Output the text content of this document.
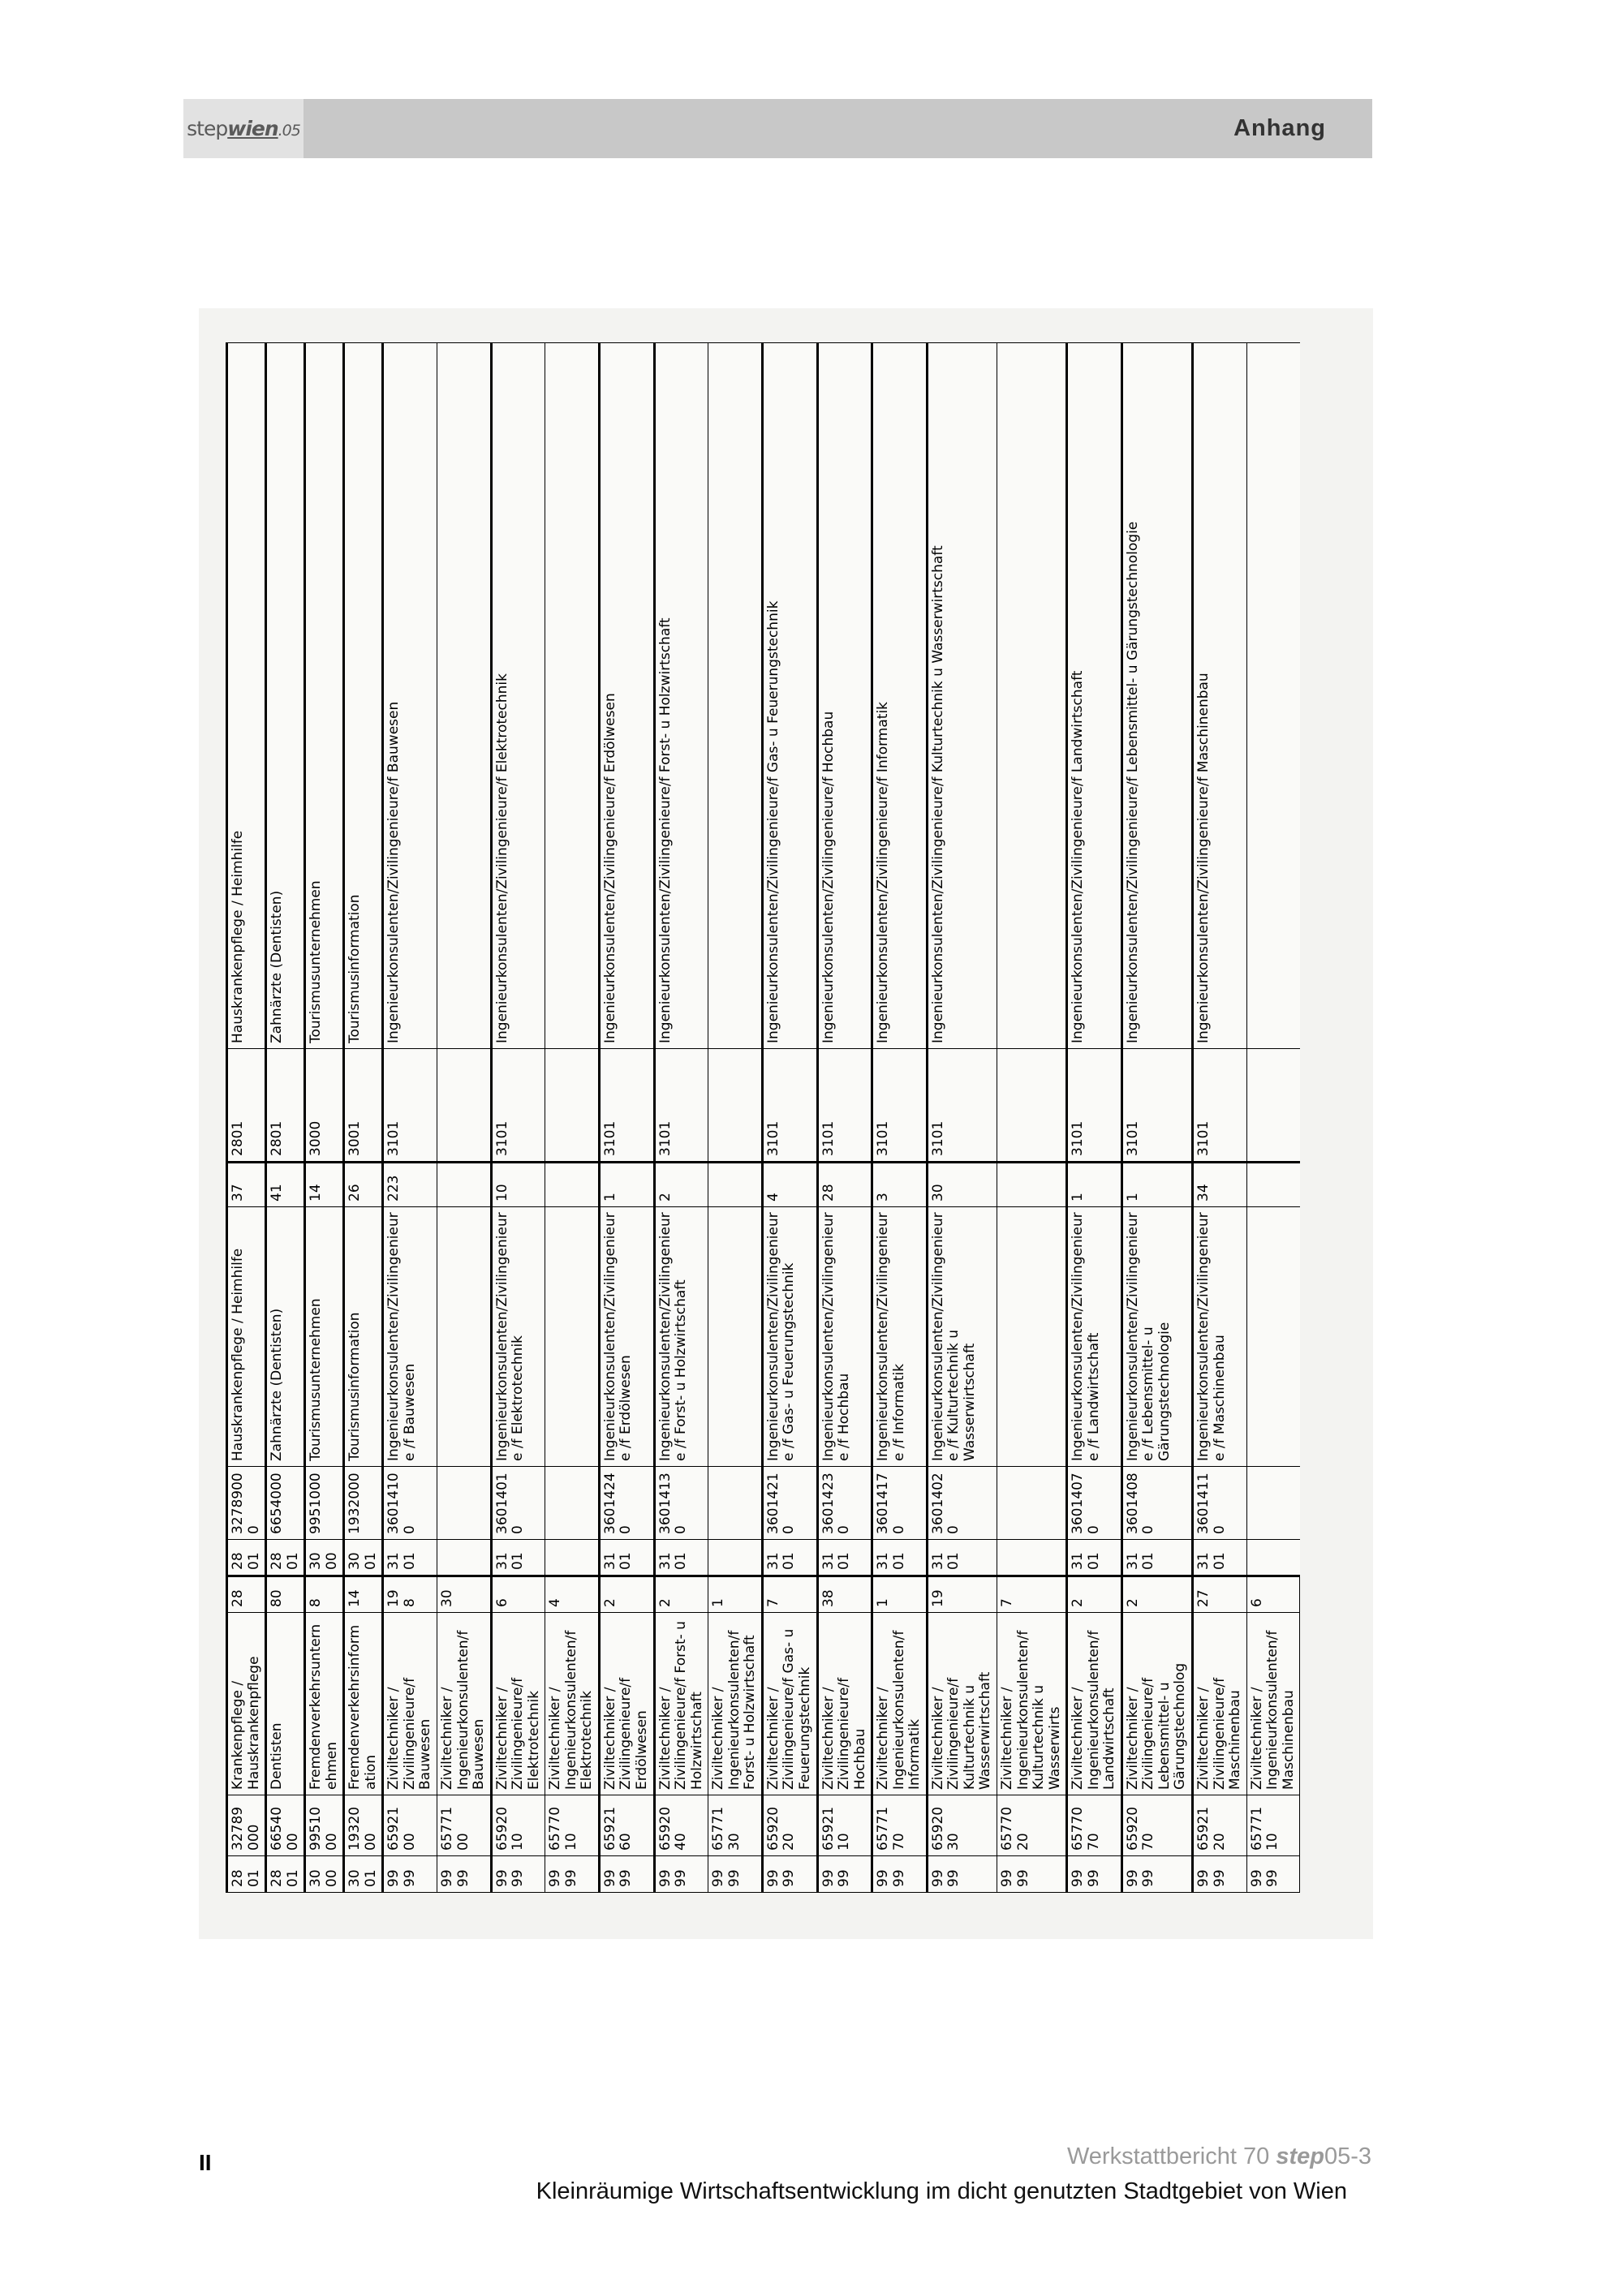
stepwien.05	Anhang
2801	32789000	Krankenpflege / Hauskrankenpflege	28	2801	32789000	Hauskrankenpflege / Heimhilfe	37	2801	Hauskrankenpflege / Heimhilfe
2801	6654000	Dentisten	80	2801	6654000	Zahnärzte (Dentisten)	41	2801	Zahnärzte (Dentisten)
3000	9951000	Fremdenverkehrsunternehmen	8	3000	9951000	Tourismusunternehmen	14	3000	Tourismusunternehmen
3001	1932000	Fremdenverkehrsinformation	14	3001	1932000	Tourismusinformation	26	3001	Tourismusinformation
9999	6592100	Ziviltechniker / Zivilingenieure/f Bauwesen	198	3101	36014100	Ingenieurkonsulenten/Zivilingenieure /f Bauwesen	223	3101	Ingenieurkonsulenten/Zivilingenieure/f Bauwesen
9999	6577100	Ziviltechniker / Ingenieurkonsulenten/f Bauwesen	30						
9999	6592010	Ziviltechniker / Zivilingenieure/f Elektrotechnik	6	3101	36014010	Ingenieurkonsulenten/Zivilingenieure /f Elektrotechnik	10	3101	Ingenieurkonsulenten/Zivilingenieure/f Elektrotechnik
9999	6577010	Ziviltechniker / Ingenieurkonsulenten/f Elektrotechnik	4						
9999	6592160	Ziviltechniker / Zivilingenieure/f Erdölwesen	2	3101	36014240	Ingenieurkonsulenten/Zivilingenieure /f Erdölwesen	1	3101	Ingenieurkonsulenten/Zivilingenieure/f Erdölwesen
9999	6592040	Ziviltechniker / Zivilingenieure/f Forst- u Holzwirtschaft	2	3101	36014130	Ingenieurkonsulenten/Zivilingenieure /f Forst- u Holzwirtschaft	2	3101	Ingenieurkonsulenten/Zivilingenieure/f Forst- u Holzwirtschaft
9999	6577130	Ziviltechniker / Ingenieurkonsulenten/f Forst- u Holzwirtschaft	1						
9999	6592020	Ziviltechniker / Zivilingenieure/f Gas- u Feuerungstechnik	7	3101	36014210	Ingenieurkonsulenten/Zivilingenieure /f Gas- u Feuerungstechnik	4	3101	Ingenieurkonsulenten/Zivilingenieure/f Gas- u Feuerungstechnik
9999	6592110	Ziviltechniker / Zivilingenieure/f Hochbau	38	3101	36014230	Ingenieurkonsulenten/Zivilingenieure /f Hochbau	28	3101	Ingenieurkonsulenten/Zivilingenieure/f Hochbau
9999	6577170	Ziviltechniker / Ingenieurkonsulenten/f Informatik	1	3101	36014170	Ingenieurkonsulenten/Zivilingenieure /f Informatik	3	3101	Ingenieurkonsulenten/Zivilingenieure/f Informatik
9999	6592030	Ziviltechniker / Zivilingenieure/f Kulturtechnik u Wasserwirtschaft	19	3101	36014020	Ingenieurkonsulenten/Zivilingenieure /f Kulturtechnik u Wasserwirtschaft	30	3101	Ingenieurkonsulenten/Zivilingenieure/f Kulturtechnik u Wasserwirtschaft
9999	6577020	Ziviltechniker / Ingenieurkonsulenten/f Kulturtechnik u Wasserwirts	7						
9999	6577070	Ziviltechniker / Ingenieurkonsulenten/f Landwirtschaft	2	3101	36014070	Ingenieurkonsulenten/Zivilingenieure /f Landwirtschaft	1	3101	Ingenieurkonsulenten/Zivilingenieure/f Landwirtschaft
9999	6592070	Ziviltechniker / Zivilingenieure/f Lebensmittel- u Gärungstechnolog	2	3101	36014080	Ingenieurkonsulenten/Zivilingenieure /f Lebensmittel- u Gärungstechnologie	1	3101	Ingenieurkonsulenten/Zivilingenieure/f Lebensmittel- u Gärungstechnologie
9999	6592120	Ziviltechniker / Zivilingenieure/f Maschinenbau	27	3101	36014110	Ingenieurkonsulenten/Zivilingenieure /f Maschinenbau	34	3101	Ingenieurkonsulenten/Zivilingenieure/f Maschinenbau
9999	6577110	Ziviltechniker / Ingenieurkonsulenten/f Maschinenbau	6						
II	Werkstattbericht 70 step05-3
Kleinräumige Wirtschaftsentwicklung im dicht genutzten Stadtgebiet von Wien
